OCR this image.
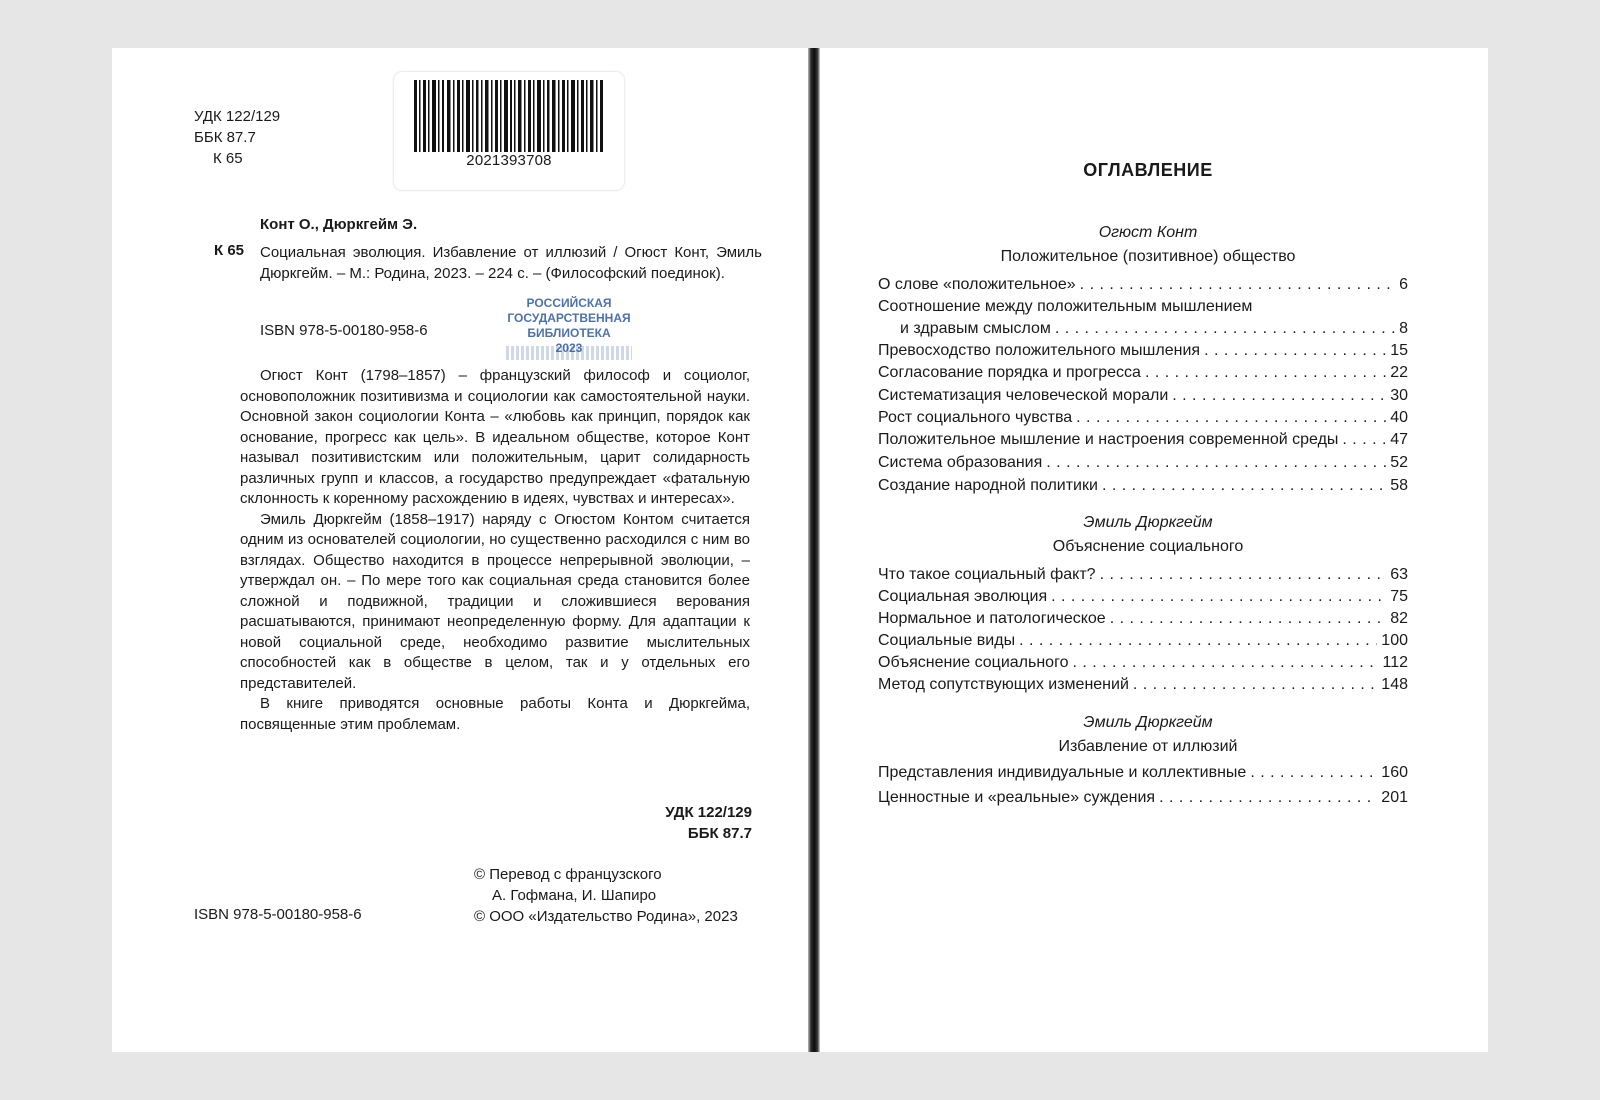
УДК 122/129
ББК 87.7
К 65	2021393708
Конт О., Дюркгейм Э.
К 65 Социальная эволюция. Избавление от иллюзий / Огюст Конт, Эмиль Дюркгейм. – М.: Родина, 2023. – 224 с. – (Философский поединок).
ISBN 978-5-00180-958-6
РОССИЙСКАЯ
ГОСУДАРСТВЕННАЯ
БИБЛИОТЕКА
2023

Огюст Конт (1798–1857) – французский философ и социолог, основоположник позитивизма и социологии как самостоятельной науки. Основной закон социологии Конта – «любовь как принцип, порядок как основание, прогресс как цель». В идеальном обществе, которое Конт называл позитивистским или положительным, царит солидарность различных групп и классов, а государство предупреждает «фатальную склонность к коренному расхождению в идеях, чувствах и интересах».

Эмиль Дюркгейм (1858–1917) наряду с Огюстом Контом считается одним из основателей социологии, но существенно расходился с ним во взглядах. Общество находится в процессе непрерывной эволюции, – утверждал он. – По мере того как социальная среда становится более сложной и подвижной, традиции и сложившиеся верования расшатываются, принимают неопределенную форму. Для адаптации к новой социальной среде, необходимо развитие мыслительных способностей как в обществе в целом, так и у отдельных его представителей.

В книге приводятся основные работы Конта и Дюркгейма, посвященные этим проблемам.

УДК 122/129
ББК 87.7
© Перевод с французского
А. Гофмана, И. Шапиро
© ООО «Издательство Родина», 2023
ISBN 978-5-00180-958-6
ОГЛАВЛЕНИЕ
Огюст Конт
Положительное (позитивное) общество
О слове «положительное» . . .	6
Соотношение между положительным мышлением
и здравым смыслом . . .	8
Превосходство положительного мышления . . .	15
Согласование порядка и прогресса . . .	22
Систематизация человеческой морали . . .	30
Рост социального чувства . . .	40
Положительное мышление и настроения современной среды . . .	47
Система образования . . .	52
Создание народной политики . . .	58
Эмиль Дюркгейм
Объяснение социального
Что такое социальный факт? . . .	63
Социальная эволюция . . .	75
Нормальное и патологическое . . .	82
Социальные виды . . .	100
Объяснение социального . . .	112
Метод сопутствующих изменений . . .	148
Эмиль Дюркгейм
Избавление от иллюзий
Представления индивидуальные и коллективные . . .	160
Ценностные и «реальные» суждения . . .	201
